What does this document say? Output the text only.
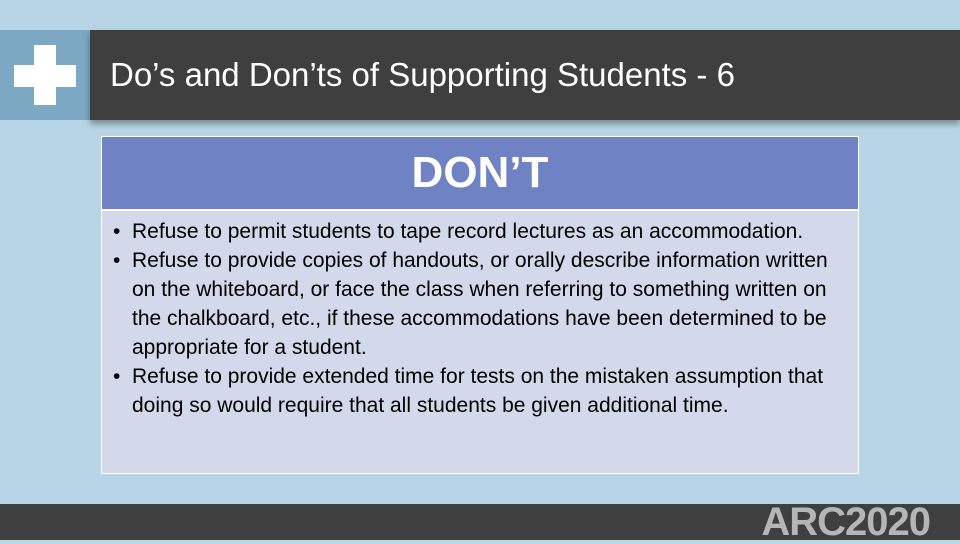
Do’s and Don’ts of Supporting Students - 6
DON’T
• Refuse to permit students to tape record lectures as an accommodation.
• Refuse to provide copies of handouts, or orally describe information written on the whiteboard, or face the class when referring to something written on the chalkboard, etc., if these accommodations have been determined to be appropriate for a student.
• Refuse to provide extended time for tests on the mistaken assumption that doing so would require that all students be given additional time.
ARC2020
